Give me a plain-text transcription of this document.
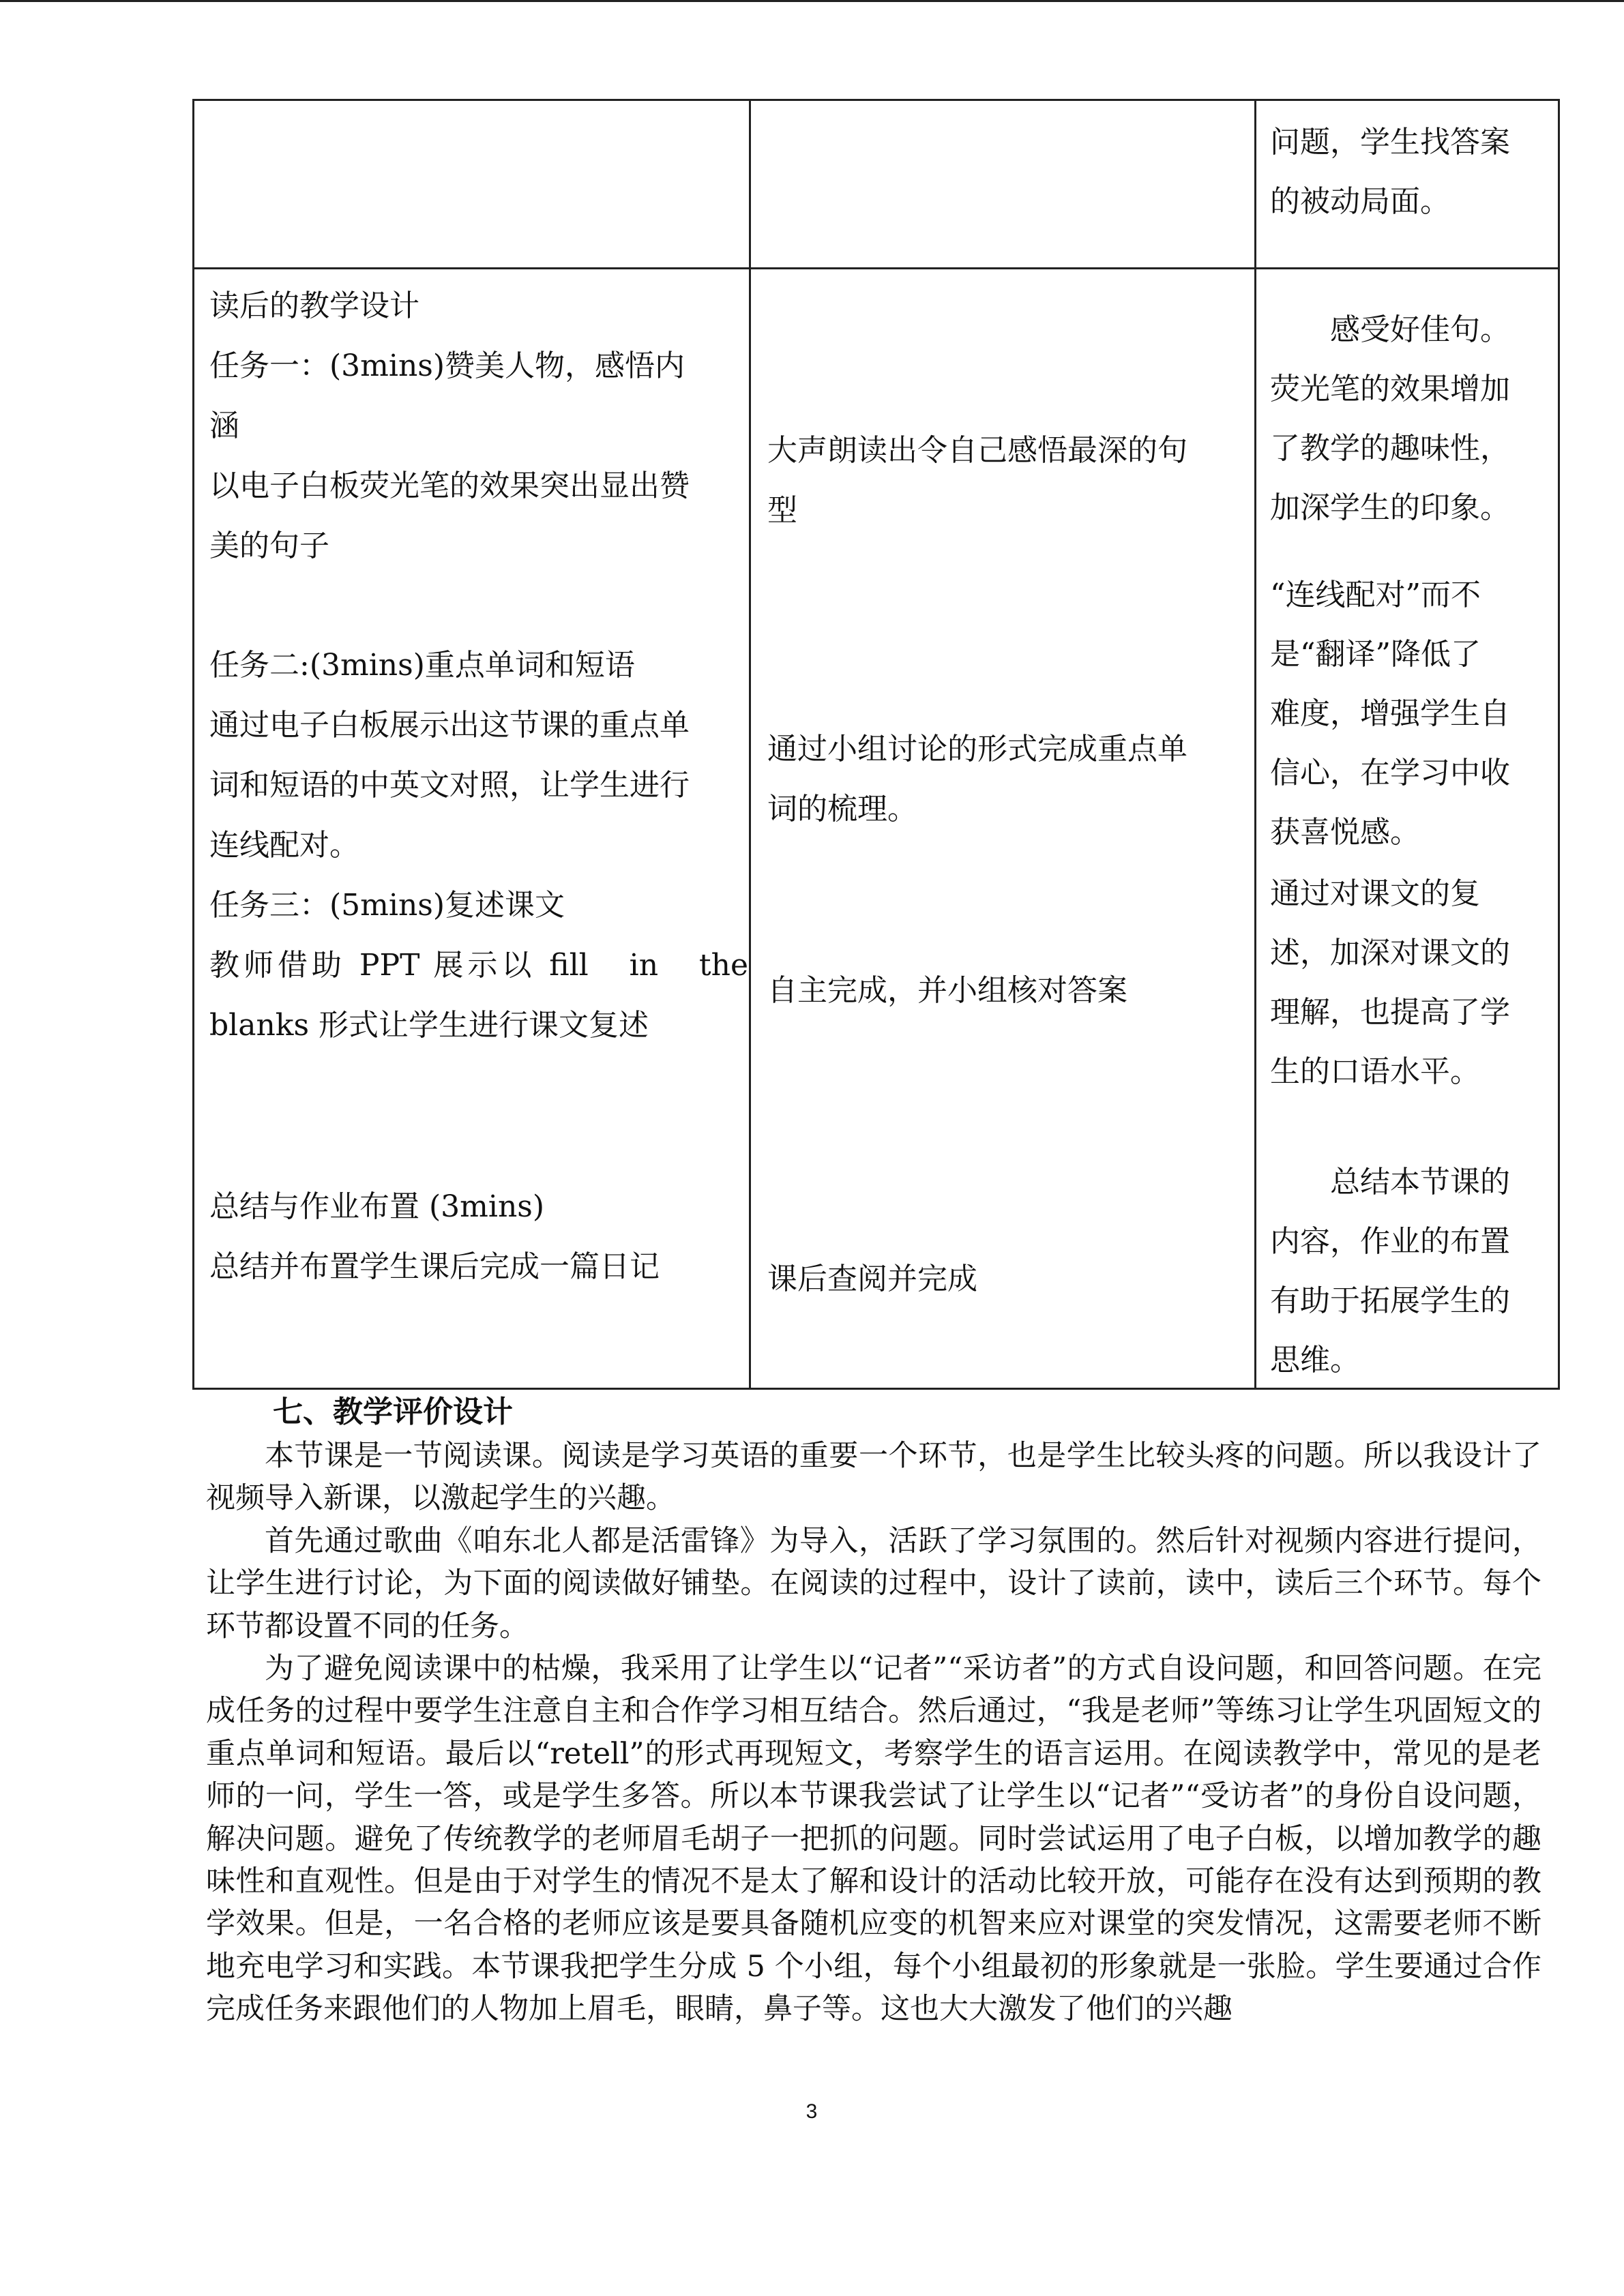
问题，学生找答案
的被动局面。
读后的教学设计
任务一：(3mins)赞美人物，感悟内
涵
以电子白板荧光笔的效果突出显出赞
美的句子
任务二:(3mins)重点单词和短语
通过电子白板展示出这节课的重点单
词和短语的中英文对照，让学生进行
连线配对。
任务三：(5mins)复述课文
教师借助 PPT 展示以 fill   in   the
blanks 形式让学生进行课文复述
总结与作业布置 (3mins)
总结并布置学生课后完成一篇日记
大声朗读出令自己感悟最深的句
型
通过小组讨论的形式完成重点单
词的梳理。
自主完成，并小组核对答案
课后查阅并完成
　　感受好佳句。
荧光笔的效果增加
了教学的趣味性，
加深学生的印象。
“连线配对”而不
是“翻译”降低了
难度，增强学生自
信心，在学习中收
获喜悦感。
通过对课文的复
述，加深对课文的
理解，也提高了学
生的口语水平。
　　总结本节课的
内容，作业的布置
有助于拓展学生的
思维。
七、教学评价设计

本节课是一节阅读课。阅读是学习英语的重要一个环节，也是学生比较头疼的问题。所以我设计了视频导入新课，以激起学生的兴趣。

首先通过歌曲《咱东北人都是活雷锋》为导入，活跃了学习氛围的。然后针对视频内容进行提问，让学生进行讨论，为下面的阅读做好铺垫。在阅读的过程中，设计了读前，读中，读后三个环节。每个环节都设置不同的任务。

为了避免阅读课中的枯燥，我采用了让学生以“记者”“采访者”的方式自设问题，和回答问题。在完成任务的过程中要学生注意自主和合作学习相互结合。然后通过，“我是老师”等练习让学生巩固短文的重点单词和短语。最后以“retell”的形式再现短文，考察学生的语言运用。在阅读教学中，常见的是老师的一问，学生一答，或是学生多答。所以本节课我尝试了让学生以“记者”“受访者”的身份自设问题，解决问题。避免了传统教学的老师眉毛胡子一把抓的问题。同时尝试运用了电子白板，以增加教学的趣味性和直观性。但是由于对学生的情况不是太了解和设计的活动比较开放，可能存在没有达到预期的教学效果。但是，一名合格的老师应该是要具备随机应变的机智来应对课堂的突发情况，这需要老师不断地充电学习和实践。本节课我把学生分成 5 个小组，每个小组最初的形象就是一张脸。学生要通过合作完成任务来跟他们的人物加上眉毛，眼睛，鼻子等。这也大大激发了他们的兴趣

3
